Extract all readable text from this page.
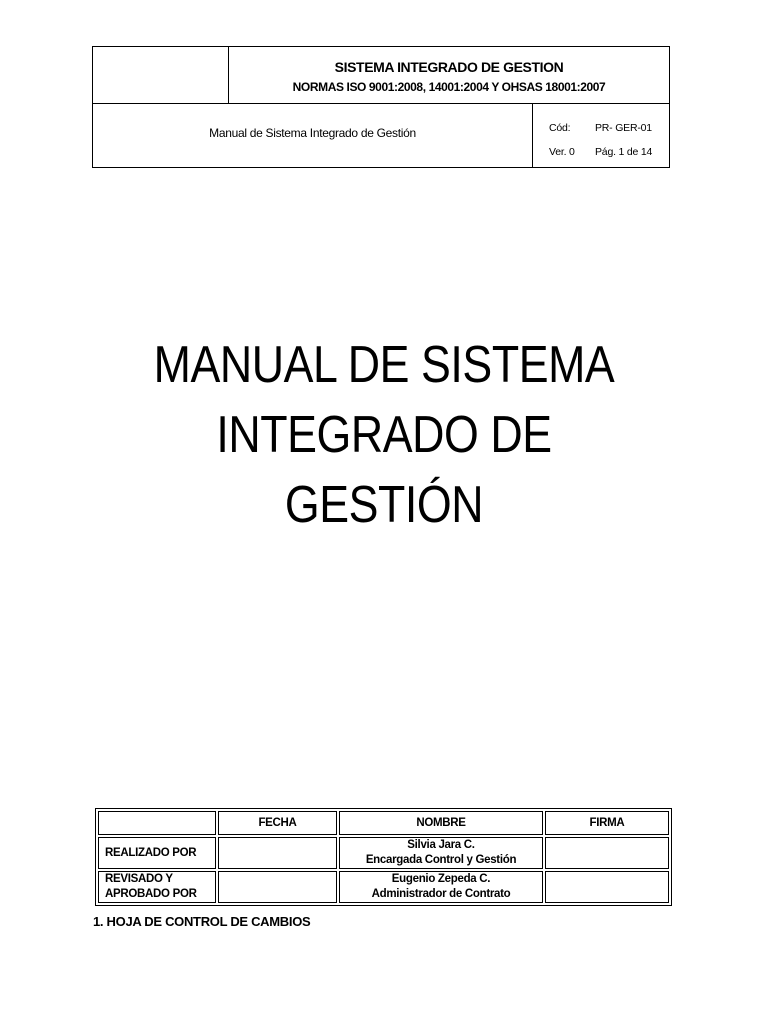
SISTEMA INTEGRADO DE GESTION
NORMAS ISO 9001:2008, 14001:2004 Y OHSAS 18001:2007
Manual de Sistema Integrado de Gestión	Cód: PR- GER-01
Ver. 0 Pág. 1 de 14
MANUAL DE SISTEMA
INTEGRADO DE
GESTIÓN
	FECHA	NOMBRE	FIRMA
REALIZADO POR		Silvia Jara C.
Encargada Control y Gestión	

REVISADO Y
APROBADO POR		Eugenio Zepeda C.
Administrador de Contrato	

1. HOJA DE CONTROL DE CAMBIOS
